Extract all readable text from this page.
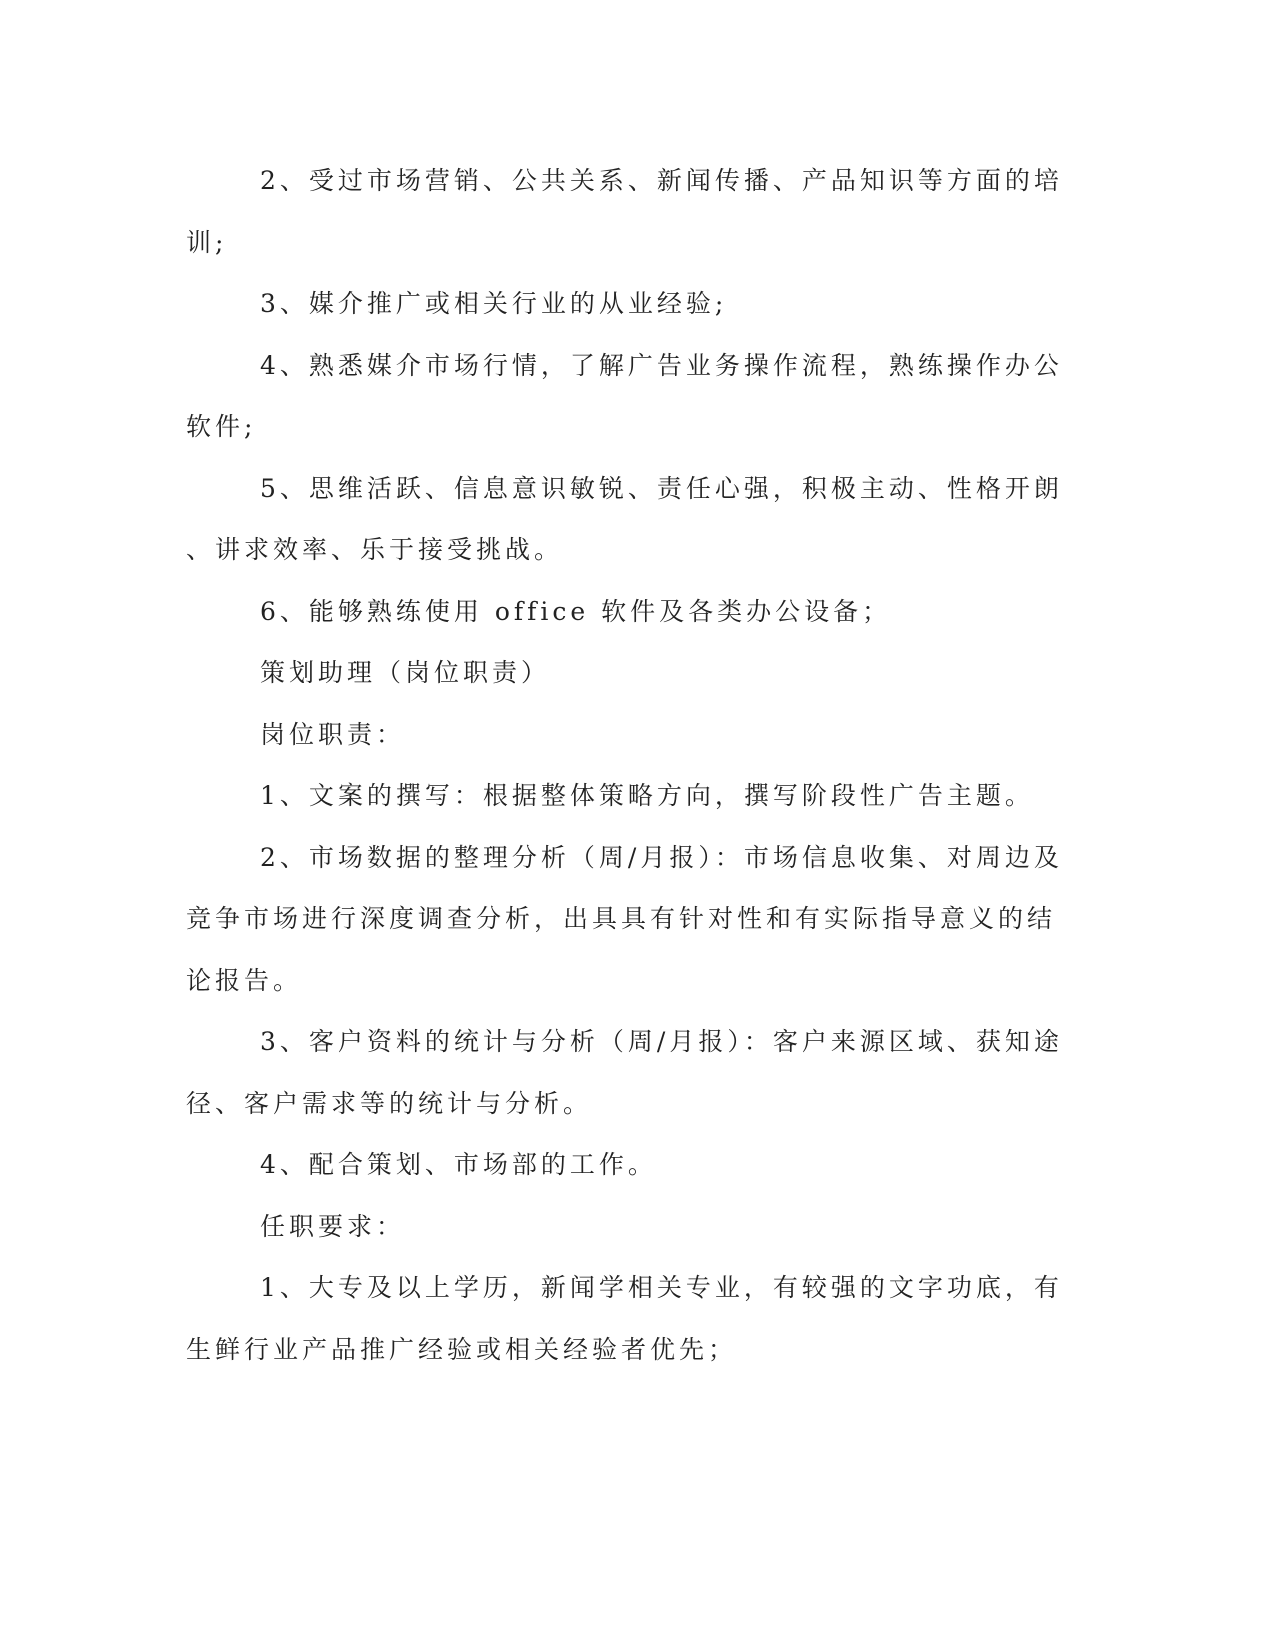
2、受过市场营销、公共关系、新闻传播、产品知识等方面的培
训;
3、媒介推广或相关行业的从业经验;
4、熟悉媒介市场行情，了解广告业务操作流程，熟练操作办公
软件;
5、思维活跃、信息意识敏锐、责任心强，积极主动、性格开朗
、讲求效率、乐于接受挑战。
6、能够熟练使用 office 软件及各类办公设备；
策划助理（岗位职责）
岗位职责：
1、文案的撰写：根据整体策略方向，撰写阶段性广告主题。
2、市场数据的整理分析（周/月报）：市场信息收集、对周边及
竞争市场进行深度调查分析，出具具有针对性和有实际指导意义的结
论报告。
3、客户资料的统计与分析（周/月报）：客户来源区域、获知途
径、客户需求等的统计与分析。
4、配合策划、市场部的工作。
任职要求：
1、大专及以上学历，新闻学相关专业，有较强的文字功底，有
生鲜行业产品推广经验或相关经验者优先；
